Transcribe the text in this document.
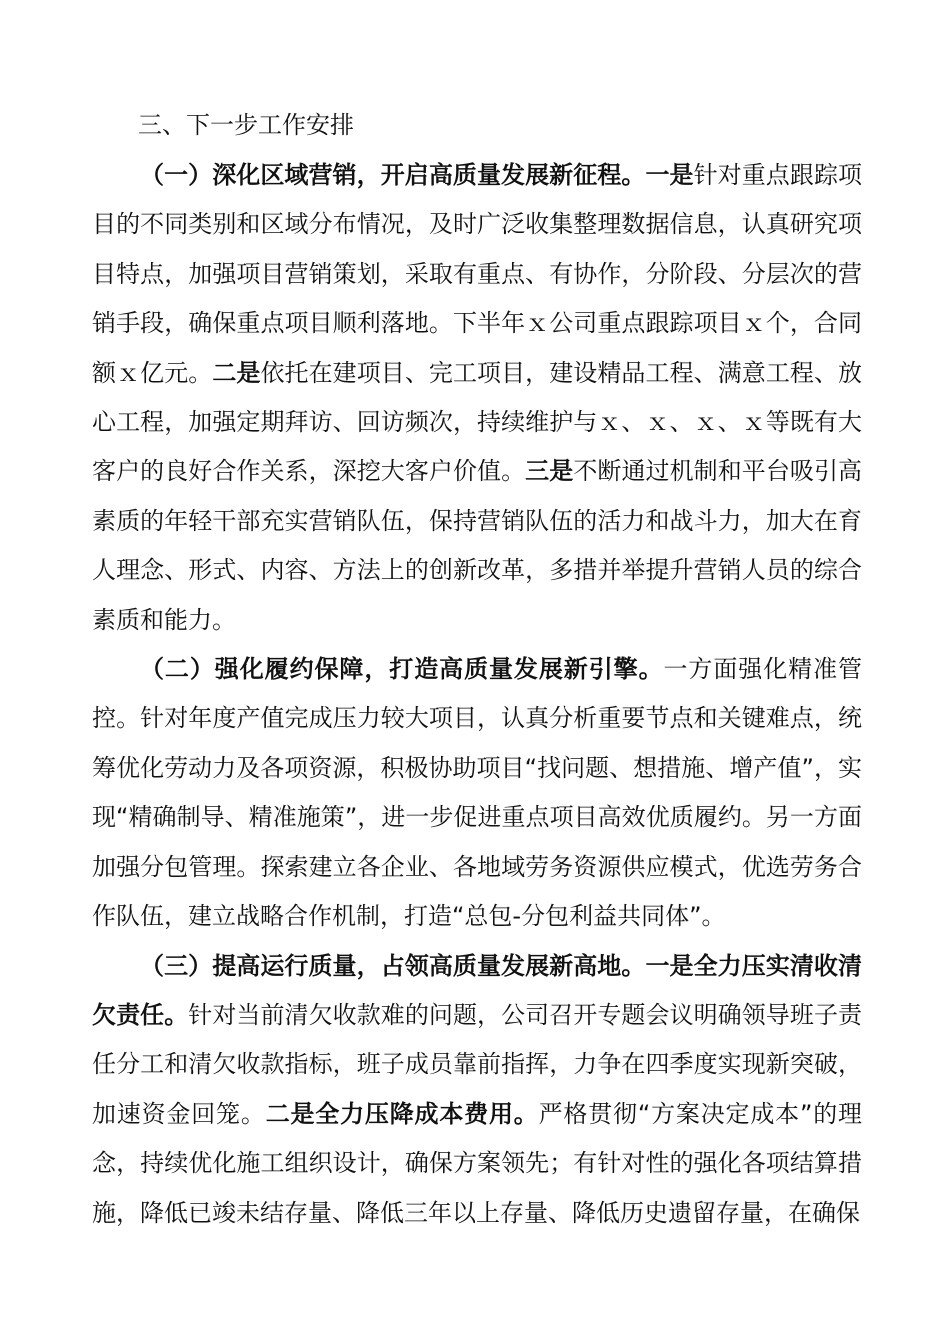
三、下一步工作安排

（一）深化区域营销，开启高质量发展新征程。一是针对重点跟踪项目的不同类别和区域分布情况，及时广泛收集整理数据信息，认真研究项目特点，加强项目营销策划，采取有重点、有协作，分阶段、分层次的营销手段，确保重点项目顺利落地。下半年ｘ公司重点跟踪项目ｘ个，合同额ｘ亿元。二是依托在建项目、完工项目，建设精品工程、满意工程、放心工程，加强定期拜访、回访频次，持续维护与ｘ、ｘ、ｘ、ｘ等既有大客户的良好合作关系，深挖大客户价值。三是不断通过机制和平台吸引高素质的年轻干部充实营销队伍，保持营销队伍的活力和战斗力，加大在育人理念、形式、内容、方法上的创新改革，多措并举提升营销人员的综合素质和能力。

（二）强化履约保障，打造高质量发展新引擎。一方面强化精准管控。针对年度产值完成压力较大项目，认真分析重要节点和关键难点，统筹优化劳动力及各项资源，积极协助项目“找问题、想措施、增产值”，实现“精确制导、精准施策”，进一步促进重点项目高效优质履约。另一方面加强分包管理。探索建立各企业、各地域劳务资源供应模式，优选劳务合作队伍，建立战略合作机制，打造“总包-分包利益共同体”。

（三）提高运行质量，占领高质量发展新高地。一是全力压实清收清欠责任。针对当前清欠收款难的问题，公司召开专题会议明确领导班子责任分工和清欠收款指标，班子成员靠前指挥，力争在四季度实现新突破，加速资金回笼。二是全力压降成本费用。严格贯彻“方案决定成本”的理念，持续优化施工组织设计，确保方案领先；有针对性的强化各项结算措施，降低已竣未结存量、降低三年以上存量、降低历史遗留存量，在确保
